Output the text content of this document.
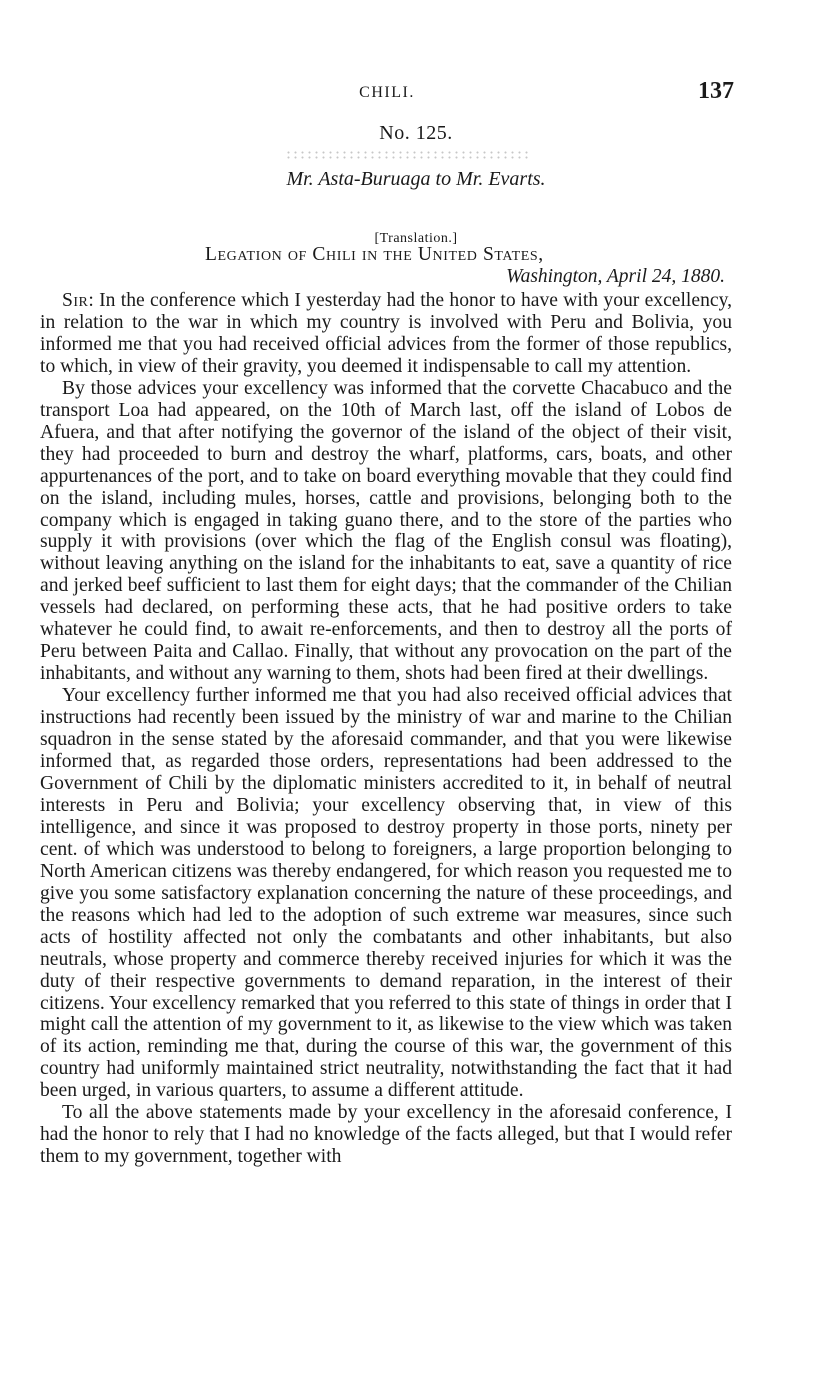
CHILI.	137
No. 125.
Mr. Asta-Buruaga to Mr. Evarts.
[Translation.]
Legation of Chili in the United States,
Washington, April 24, 1880.

Sir: In the conference which I yesterday had the honor to have with your excellency, in relation to the war in which my country is involved with Peru and Bolivia, you informed me that you had received official advices from the former of those republics, to which, in view of their gravity, you deemed it indispensable to call my attention.

By those advices your excellency was informed that the corvette Chacabuco and the transport Loa had appeared, on the 10th of March last, off the island of Lobos de Afuera, and that after notifying the governor of the island of the object of their visit, they had proceeded to burn and destroy the wharf, platforms, cars, boats, and other appurtenances of the port, and to take on board everything movable that they could find on the island, including mules, horses, cattle and provisions, belonging both to the company which is engaged in taking guano there, and to the store of the parties who supply it with provisions (over which the flag of the English consul was floating), without leaving anything on the island for the inhabitants to eat, save a quantity of rice and jerked beef sufficient to last them for eight days; that the commander of the Chilian vessels had declared, on performing these acts, that he had positive orders to take whatever he could find, to await re-enforcements, and then to destroy all the ports of Peru between Paita and Callao. Finally, that without any provocation on the part of the inhabitants, and without any warning to them, shots had been fired at their dwellings.

Your excellency further informed me that you had also received official advices that instructions had recently been issued by the ministry of war and marine to the Chilian squadron in the sense stated by the aforesaid commander, and that you were likewise informed that, as regarded those orders, representations had been addressed to the Government of Chili by the diplomatic ministers accredited to it, in behalf of neutral interests in Peru and Bolivia; your excellency observing that, in view of this intelligence, and since it was proposed to destroy property in those ports, ninety per cent. of which was understood to belong to foreigners, a large proportion belonging to North American citizens was thereby endangered, for which reason you requested me to give you some satisfactory explanation concerning the nature of these proceedings, and the reasons which had led to the adoption of such extreme war measures, since such acts of hostility affected not only the combatants and other inhabitants, but also neutrals, whose property and commerce thereby received injuries for which it was the duty of their respective governments to demand reparation, in the interest of their citizens. Your excellency remarked that you referred to this state of things in order that I might call the attention of my government to it, as likewise to the view which was taken of its action, reminding me that, during the course of this war, the government of this country had uniformly maintained strict neutrality, notwithstanding the fact that it had been urged, in various quarters, to assume a different attitude.

To all the above statements made by your excellency in the aforesaid conference, I had the honor to rely that I had no knowledge of the facts alleged, but that I would refer them to my government, together with
